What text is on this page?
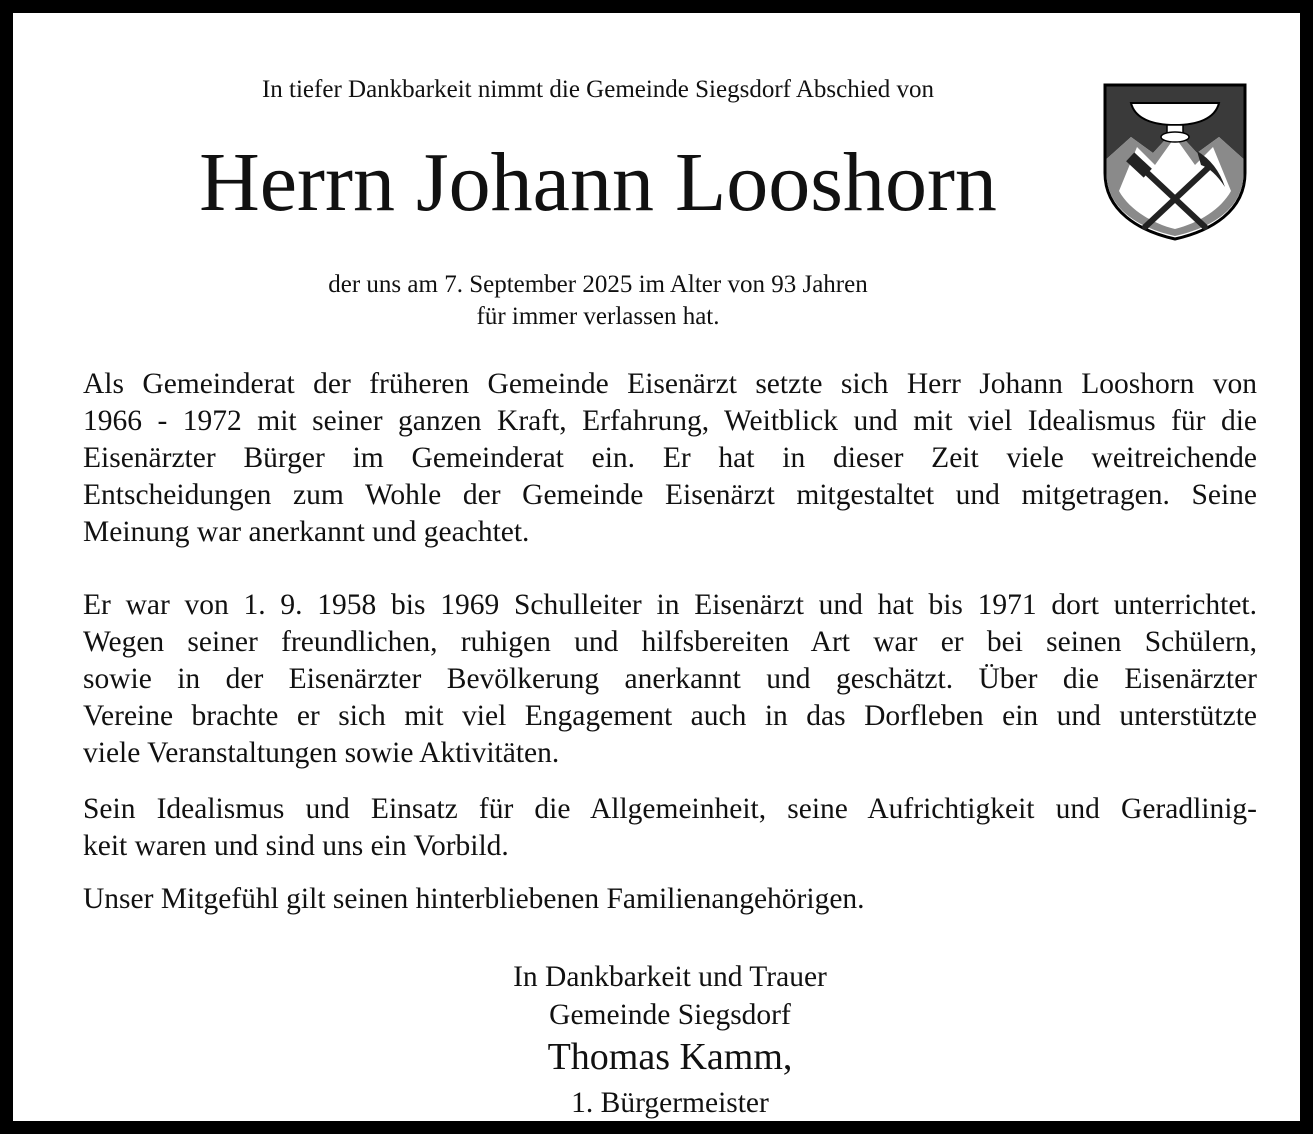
In tiefer Dankbarkeit nimmt die Gemeinde Siegsdorf Abschied von
Herrn Johann Looshorn
der uns am 7. September 2025 im Alter von 93 Jahren
für immer verlassen hat.
Als Gemeinderat der früheren Gemeinde Eisenärzt setzte sich Herr Johann Looshorn von
1966 - 1972 mit seiner ganzen Kraft, Erfahrung, Weitblick und mit viel Idealismus für die
Eisenärzter Bürger im Gemeinderat ein. Er hat in dieser Zeit viele weitreichende
Entscheidungen zum Wohle der Gemeinde Eisenärzt mitgestaltet und mitgetragen. Seine
Meinung war anerkannt und geachtet.
Er war von 1. 9. 1958 bis 1969 Schulleiter in Eisenärzt und hat bis 1971 dort unterrichtet.
Wegen seiner freundlichen, ruhigen und hilfsbereiten Art war er bei seinen Schülern,
sowie in der Eisenärzter Bevölkerung anerkannt und geschätzt. Über die Eisenärzter
Vereine brachte er sich mit viel Engagement auch in das Dorfleben ein und unterstützte
viele Veranstaltungen sowie Aktivitäten.
Sein Idealismus und Einsatz für die Allgemeinheit, seine Aufrichtigkeit und Geradlinig-
keit waren und sind uns ein Vorbild.
Unser Mitgefühl gilt seinen hinterbliebenen Familienangehörigen.
In Dankbarkeit und Trauer
Gemeinde Siegsdorf
Thomas Kamm,
1. Bürgermeister
